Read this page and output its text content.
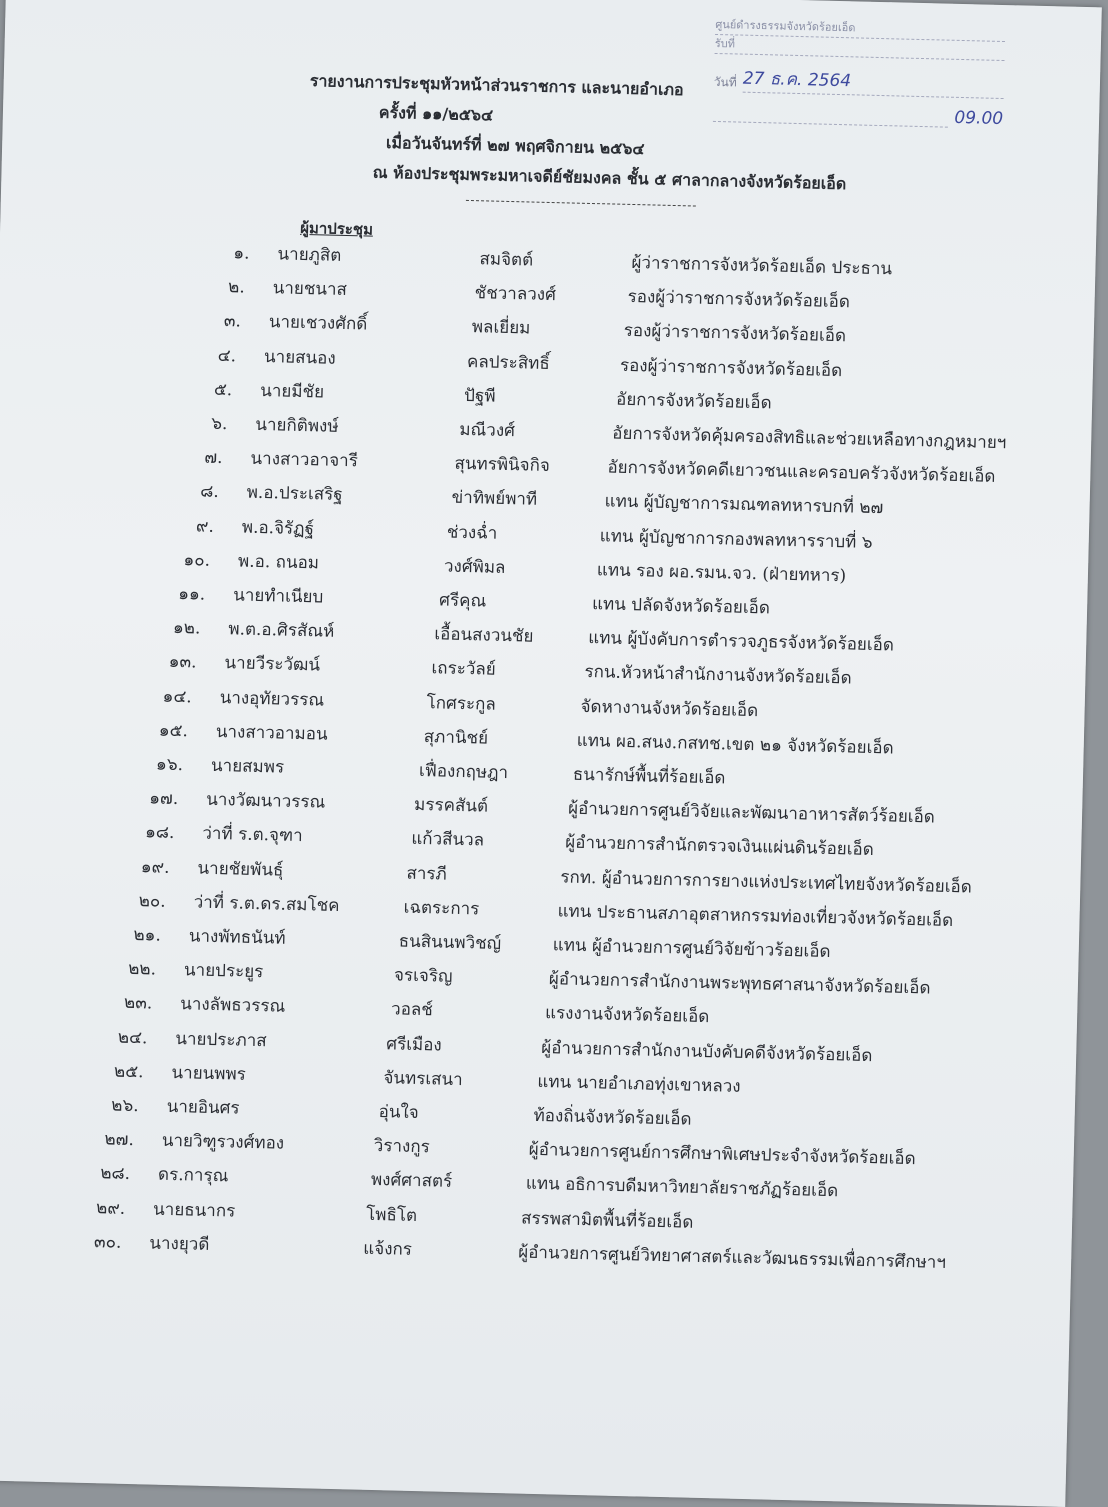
ศูนย์ดำรงธรรมจังหวัดร้อยเอ็ด
รับที่
วันที่ 27 ธ.ค. 2564
09.00
รายงานการประชุมหัวหน้าส่วนราชการ และนายอำเภอ
ครั้งที่ ๑๑/๒๕๖๔
เมื่อวันจันทร์ที่ ๒๗ พฤศจิกายน ๒๕๖๔
ณ ห้องประชุมพระมหาเจดีย์ชัยมงคล ชั้น ๕ ศาลากลางจังหวัดร้อยเอ็ด
ผู้มาประชุม
๑. นายภูสิต	สมจิตต์	ผู้ว่าราชการจังหวัดร้อยเอ็ด ประธาน
๒. นายชนาส	ชัชวาลวงศ์	รองผู้ว่าราชการจังหวัดร้อยเอ็ด
๓. นายเชวงศักดิ์	พลเยี่ยม	รองผู้ว่าราชการจังหวัดร้อยเอ็ด
๔. นายสนอง	คลประสิทธิ์	รองผู้ว่าราชการจังหวัดร้อยเอ็ด
๕. นายมีชัย	ปัฐพี	อัยการจังหวัดร้อยเอ็ด
๖. นายกิติพงษ์	มณีวงศ์	อัยการจังหวัดคุ้มครองสิทธิและช่วยเหลือทางกฎหมายฯ
๗. นางสาวอาจารี	สุนทรพินิจกิจ	อัยการจังหวัดคดีเยาวชนและครอบครัวจังหวัดร้อยเอ็ด
๘. พ.อ.ประเสริฐ	ข่าทิพย์พาที	แทน ผู้บัญชาการมณฑลทหารบกที่ ๒๗
๙. พ.อ.จิรัฏฐ์	ช่วงฉ่ำ	แทน ผู้บัญชาการกองพลทหารราบที่ ๖
๑๐. พ.อ. ถนอม	วงศ์พิมล	แทน รอง ผอ.รมน.จว. (ฝ่ายทหาร)
๑๑. นายทำเนียบ	ศรีคุณ	แทน ปลัดจังหวัดร้อยเอ็ด
๑๒. พ.ต.อ.ศิรสัณห์	เอื้อนสงวนชัย	แทน ผู้บังคับการตำรวจภูธรจังหวัดร้อยเอ็ด
๑๓. นายวีระวัฒน์	เถระวัลย์	รกน.หัวหน้าสำนักงานจังหวัดร้อยเอ็ด
๑๔. นางอุทัยวรรณ	โกศระกูล	จัดหางานจังหวัดร้อยเอ็ด
๑๕. นางสาวอามอน	สุภานิชย์	แทน ผอ.สนง.กสทช.เขต ๒๑ จังหวัดร้อยเอ็ด
๑๖. นายสมพร	เฟื่องกฤษฎา	ธนารักษ์พื้นที่ร้อยเอ็ด
๑๗. นางวัฒนาวรรณ	มรรคสันต์	ผู้อำนวยการศูนย์วิจัยและพัฒนาอาหารสัตว์ร้อยเอ็ด
๑๘. ว่าที่ ร.ต.จุฑา	แก้วสีนวล	ผู้อำนวยการสำนักตรวจเงินแผ่นดินร้อยเอ็ด
๑๙. นายชัยพันธุ์	สารภี	รกท. ผู้อำนวยการการยางแห่งประเทศไทยจังหวัดร้อยเอ็ด
๒๐. ว่าที่ ร.ต.ดร.สมโชค	เฉตระการ	แทน ประธานสภาอุตสาหกรรมท่องเที่ยวจังหวัดร้อยเอ็ด
๒๑. นางพัทธนันท์	ธนสินนพวิชญ์	แทน ผู้อำนวยการศูนย์วิจัยข้าวร้อยเอ็ด
๒๒. นายประยูร	จรเจริญ	ผู้อำนวยการสำนักงานพระพุทธศาสนาจังหวัดร้อยเอ็ด
๒๓. นางลัพธวรรณ	วอลช์	แรงงานจังหวัดร้อยเอ็ด
๒๔. นายประภาส	ศรีเมือง	ผู้อำนวยการสำนักงานบังคับคดีจังหวัดร้อยเอ็ด
๒๕. นายนพพร	จันทรเสนา	แทน นายอำเภอทุ่งเขาหลวง
๒๖. นายอินศร	อุ่นใจ	ท้องถิ่นจังหวัดร้อยเอ็ด
๒๗. นายวิฑูรวงศ์ทอง	วิรางกูร	ผู้อำนวยการศูนย์การศึกษาพิเศษประจำจังหวัดร้อยเอ็ด
๒๘. ดร.การุณ	พงศ์ศาสตร์	แทน อธิการบดีมหาวิทยาลัยราชภัฏร้อยเอ็ด
๒๙. นายธนากร	โพธิโต	สรรพสามิตพื้นที่ร้อยเอ็ด
๓๐. นางยุวดี	แจ้งกร	ผู้อำนวยการศูนย์วิทยาศาสตร์และวัฒนธรรมเพื่อการศึกษาฯ
